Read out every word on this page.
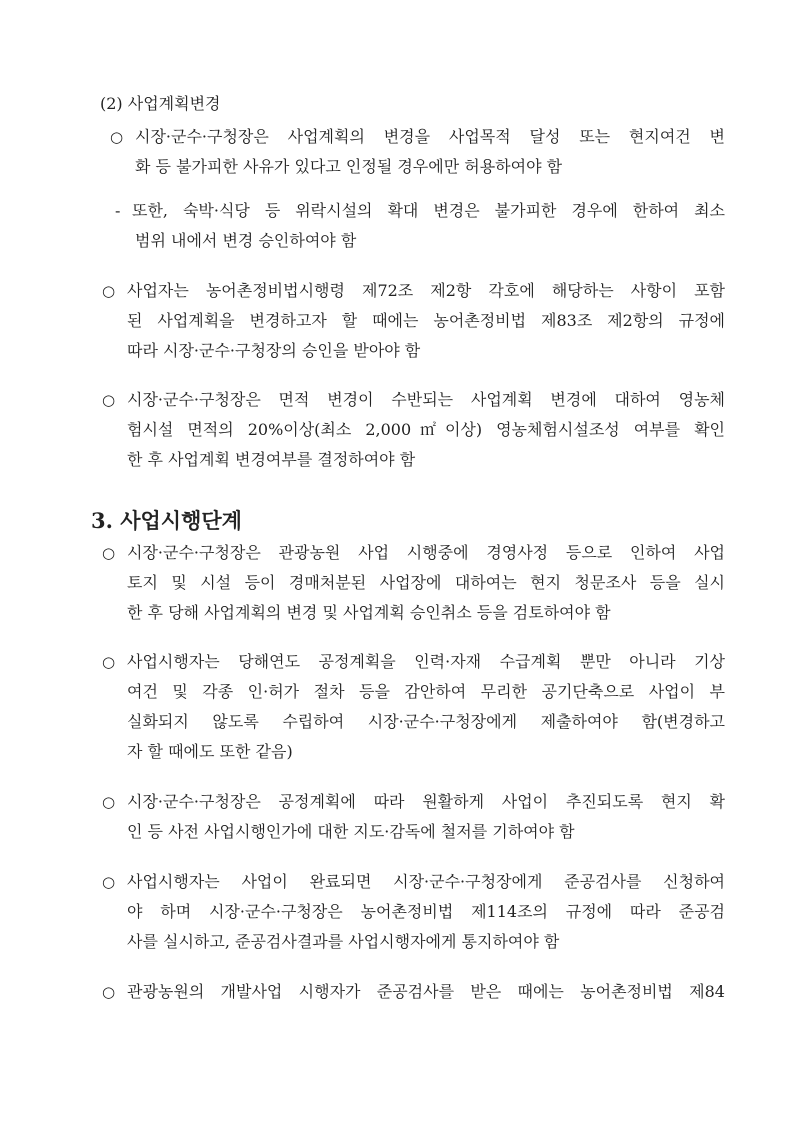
(2) 사업계획변경
○ 시장·군수·구청장은 사업계획의 변경을 사업목적 달성 또는 현지여건 변
화 등 불가피한 사유가 있다고 인정될 경우에만 허용하여야 함
- 또한, 숙박·식당 등 위락시설의 확대 변경은 불가피한 경우에 한하여 최소
범위 내에서 변경 승인하여야 함
○ 사업자는 농어촌정비법시행령 제72조 제2항 각호에 해당하는 사항이 포함
된 사업계획을 변경하고자 할 때에는 농어촌정비법 제83조 제2항의 규정에
따라 시장·군수·구청장의 승인을 받아야 함
○ 시장·군수·구청장은 면적 변경이 수반되는 사업계획 변경에 대하여 영농체
험시설 면적의 20%이상(최소 2,000㎡이상) 영농체험시설조성 여부를 확인
한 후 사업계획 변경여부를 결정하여야 함
3. 사업시행단계
○ 시장·군수·구청장은 관광농원 사업 시행중에 경영사정 등으로 인하여 사업
토지 및 시설 등이 경매처분된 사업장에 대하여는 현지 청문조사 등을 실시
한 후 당해 사업계획의 변경 및 사업계획 승인취소 등을 검토하여야 함
○ 사업시행자는 당해연도 공정계획을 인력·자재 수급계획 뿐만 아니라 기상
여건 및 각종 인·허가 절차 등을 감안하여 무리한 공기단축으로 사업이 부
실화되지 않도록 수립하여 시장·군수·구청장에게 제출하여야 함(변경하고
자 할 때에도 또한 같음)
○ 시장·군수·구청장은 공정계획에 따라 원활하게 사업이 추진되도록 현지 확
인 등 사전 사업시행인가에 대한 지도·감독에 철저를 기하여야 함
○ 사업시행자는 사업이 완료되면 시장·군수·구청장에게 준공검사를 신청하여
야 하며 시장·군수·구청장은 농어촌정비법 제114조의 규정에 따라 준공검
사를 실시하고, 준공검사결과를 사업시행자에게 통지하여야 함
○ 관광농원의 개발사업 시행자가 준공검사를 받은 때에는 농어촌정비법 제84
